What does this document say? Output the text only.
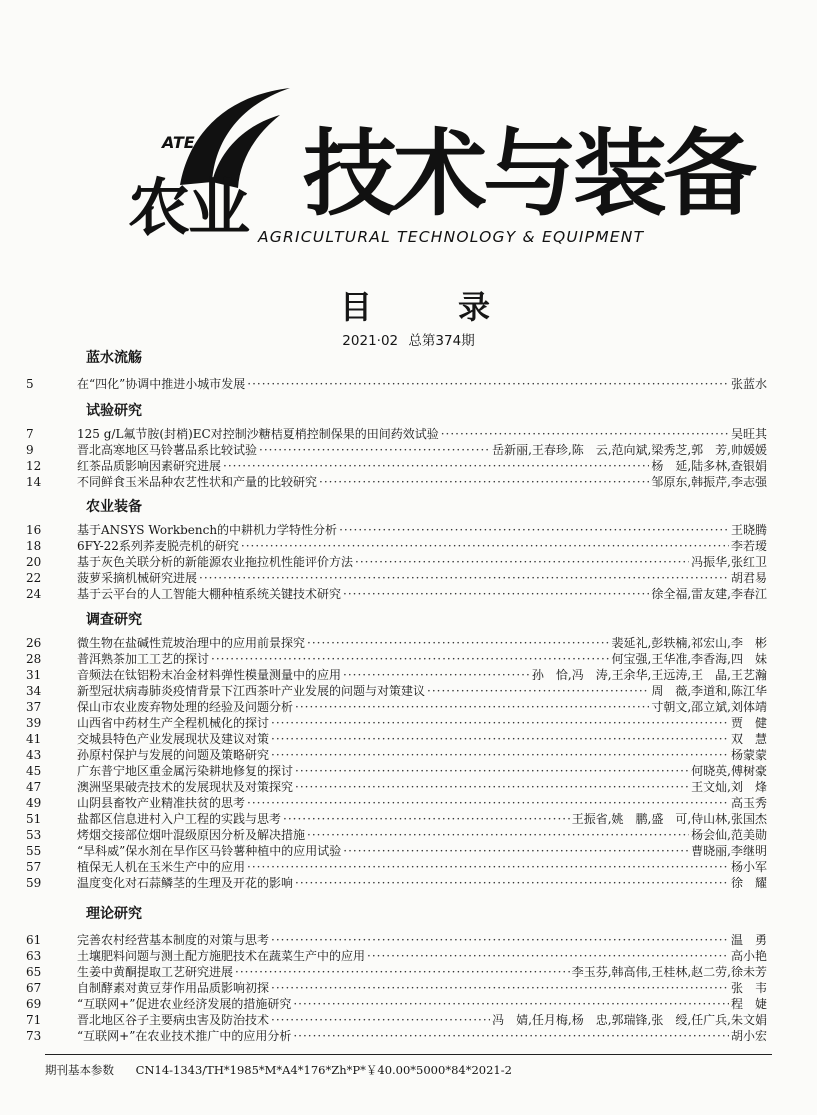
ATE
农业 技术与装备
AGRICULTURAL TECHNOLOGY & EQUIPMENT
目	录
2021·02 总第374期
蓝水流觞
5	在“四化”协调中推进小城市发展 ·····	张蓝水
试验研究
7	125 g/L氟节胺(封梢)EC对控制沙糖桔夏梢控制保果的田间药效试验 ·····	吴旺其
9	晋北高寒地区马铃薯品系比较试验 ·····	岳新丽,王春珍,陈　云,范向斌,梁秀芝,郭　芳,帅媛媛
12	红茶品质影响因素研究进展 ·····	杨　延,陆多林,查银娟
14	不同鲜食玉米品种农艺性状和产量的比较研究 ·····	邹原东,韩振芹,李志强
农业装备
16	基于ANSYS Workbench的中耕机力学特性分析 ·····	王晓腾
18	6FY-22系列荞麦脱壳机的研究 ·····	李若瑷
20	基于灰色关联分析的新能源农业拖拉机性能评价方法 ·····	冯振华,张红卫
22	菠萝采摘机械研究进展 ·····	胡君易
24	基于云平台的人工智能大棚种植系统关键技术研究 ·····	徐全福,雷友建,李春江
调查研究
26	微生物在盐碱性荒坡治理中的应用前景探究 ·····	裴延礼,彭轶楠,祁宏山,李　彬
28	普洱熟茶加工工艺的探讨 ·····	何宝强,王华准,李香海,四　妹
31	音频法在钛铝粉末冶金材料弹性模量测量中的应用 ·····	孙　恰,冯　涛,王余华,王远涛,王　晶,王艺瀚
34	新型冠状病毒肺炎疫情背景下江西茶叶产业发展的问题与对策建议 ·····	周　薇,李道和,陈江华
37	保山市农业废弃物处理的经验及问题分析 ·····	寸朝文,邵立斌,刘体靖
39	山西省中药材生产全程机械化的探讨 ·····	贾　健
41	交城县特色产业发展现状及建议对策 ·····	双　慧
43	孙原村保护与发展的问题及策略研究 ·····	杨蒙蒙
45	广东普宁地区重金属污染耕地修复的探讨 ·····	何晓英,傅树豪
47	澳洲坚果破壳技术的发展现状及对策探究 ·····	王文灿,刘　烽
49	山阴县畜牧产业精准扶贫的思考 ·····	高玉秀
51	盐都区信息进村入户工程的实践与思考 ·····	王振省,姚　鹏,盛　可,侍山林,张国杰
53	烤烟交接部位烟叶混级原因分析及解决措施 ·····	杨会仙,范美勋
55	“旱科威”保水剂在旱作区马铃薯种植中的应用试验 ·····	曹晓丽,李继明
57	植保无人机在玉米生产中的应用 ·····	杨小军
59	温度变化对石蒜鳞茎的生理及开花的影响 ·····	徐　耀
理论研究
61	完善农村经营基本制度的对策与思考 ·····	温　勇
63	土壤肥料问题与测土配方施肥技术在蔬菜生产中的应用 ·····	高小艳
65	生姜中黄酮提取工艺研究进展 ·····	李玉芬,韩高伟,王桂林,赵二劳,徐未芳
67	自制酵素对黄豆芽作用品质影响初探 ·····	张　韦
69	“互联网+”促进农业经济发展的措施研究 ·····	程　婕
71	晋北地区谷子主要病虫害及防治技术 ·····	冯　婧,任月梅,杨　忠,郭瑞锋,张　绶,任广兵,朱文娟
73	“互联网+”在农业技术推广中的应用分析 ·····	胡小宏
期刊基本参数 CN14-1343/TH*1985*M*A4*176*Zh*P*￥40.00*5000*84*2021-2
